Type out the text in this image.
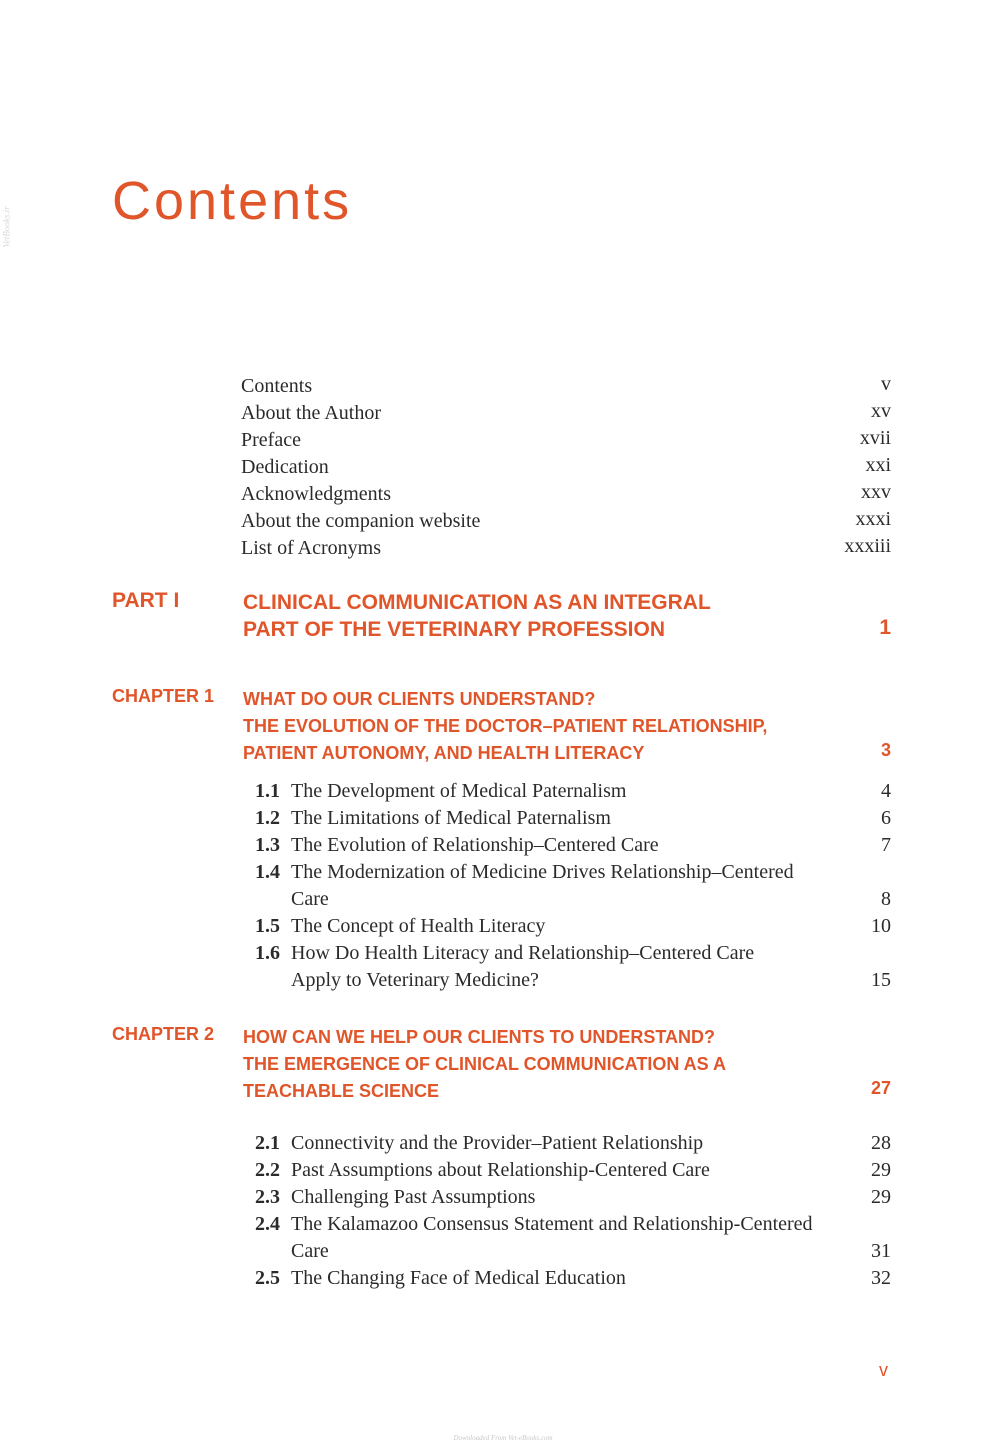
VetBooks.ir Contents
Contents	v
About the Author	xv
Preface	xvii
Dedication	xxi
Acknowledgments	xxv
About the companion website	xxxi
List of Acronyms	xxxiii
PART I	CLINICAL COMMUNICATION AS AN INTEGRAL
PART OF THE VETERINARY PROFESSION	1
CHAPTER 1 WHAT DO OUR CLIENTS UNDERSTAND?
THE EVOLUTION OF THE DOCTOR–PATIENT RELATIONSHIP,
PATIENT AUTONOMY, AND HEALTH LITERACY	3
1.1 The Development of Medical Paternalism	4
1.2 The Limitations of Medical Paternalism	6
1.3 The Evolution of Relationship–Centered Care	7
1.4 The Modernization of Medicine Drives Relationship–Centered
Care	8
1.5 The Concept of Health Literacy	10
1.6 How Do Health Literacy and Relationship–Centered Care
Apply to Veterinary Medicine?	15
CHAPTER 2 HOW CAN WE HELP OUR CLIENTS TO UNDERSTAND?
THE EMERGENCE OF CLINICAL COMMUNICATION AS A
TEACHABLE SCIENCE	27
2.1 Connectivity and the Provider–Patient Relationship	28
2.2 Past Assumptions about Relationship-Centered Care	29
2.3 Challenging Past Assumptions	29
2.4 The Kalamazoo Consensus Statement and Relationship-Centered
Care	31
2.5 The Changing Face of Medical Education	32
v
Downloaded From Vet-eBooks.com
